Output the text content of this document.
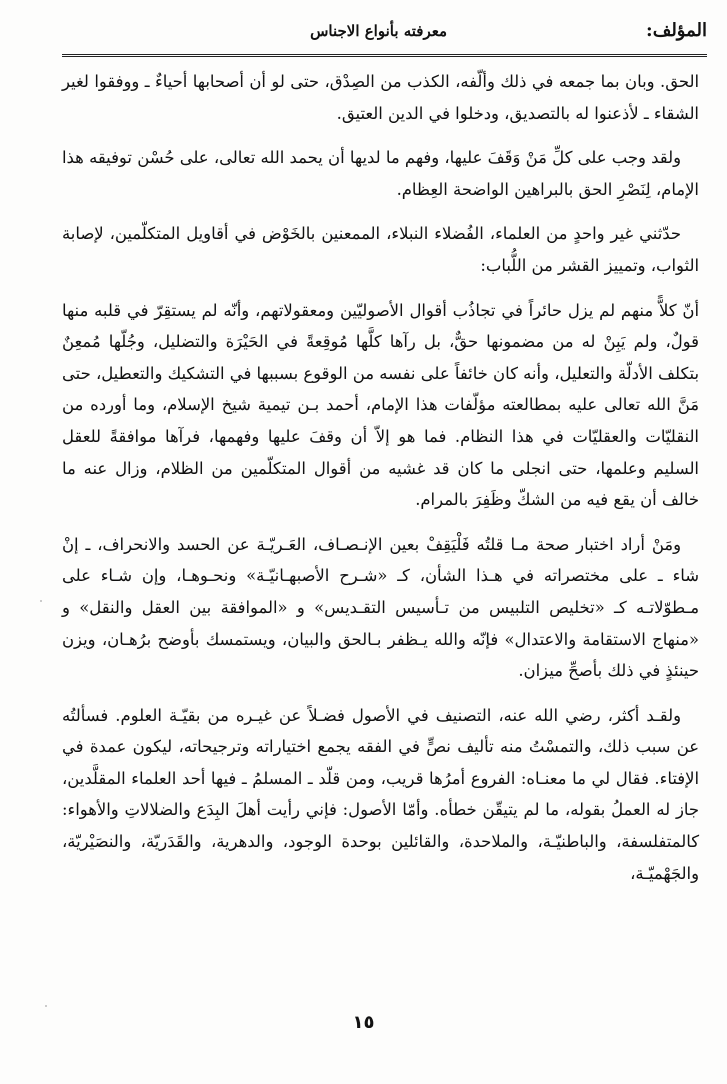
المؤلف:
معرفته بأنواع الاجناس

الحق. وبان بما جمعه في ذلك وألّفه، الكذب من الصِدْق، حتى لو أن أصحابها أحياءٌ ـ ووفقوا لغير الشقاء ـ لأذعنوا له بالتصديق، ودخلوا في الدين العتيق.

ولقد وجب على كلِّ مَنْ وَقَفَ عليها، وفهم ما لديها أن يحمد الله تعالى، على حُسْن توفيقه هذا الإمام، لِنَصْرِ الحق بالبراهين الواضحة العِظام.

حدّثني غير واحدٍ من العلماء، الفُضلاء النبلاء، الممعنين بالخَوْض في أقاويل المتكلّمين، لإصابة الثواب، وتمييز القشر من اللُّباب:

أنّ كلاًّ منهم لم يزل حائراً في تجاذُب أقوال الأصوليّين ومعقولاتهم، وأنّه لم يستقِرّ في قلبه منها قولٌ، ولم يَبِنْ له من مضمونها حقٌّ، بل رآها كلَّها مُوقِعةً في الحَيْرَة والتضليل، وجُلّها مُمعِنٌ بتكلف الأدلّة والتعليل، وأنه كان خائفاً على نفسه من الوقوع بسببها في التشكيك والتعطيل، حتى مَنَّ الله تعالى عليه بمطالعته مؤلّفات هذا الإمام، أحمد بـن تيمية شيخ الإسلام، وما أورده من النقليّات والعقليّات في هذا النظام. فما هو إلاّ أن وقفَ عليها وفهمها، فرآها موافقةً للعقل السليم وعلمها، حتى انجلى ما كان قد غشيه من أقوال المتكلّمين من الظلام، وزال عنه ما خالف أن يقع فيه من الشكّ وظَفِرَ بالمرام.

ومَنْ أراد اختبار صحة مـا قلتُه فَلْيَقِفْ بعين الإنـصـاف، العَـريّـة عن الحسد والانحراف، ـ إنْ شاء ـ على مختصراته في هـذا الشأن، كـ «شـرح الأصبهـانيّـة» ونحـوهـا، وإن شـاء على مـطوّلاتـه كـ «تخليص التلبيس من تـأسيس التقـديس» و «الموافقة بين العقل والنقل» و «منهاج الاستقامة والاعتدال» فإنّه والله يـظفر بـالحق والبيان، ويستمسك بأوضح برُهـان، ويزن حينئذٍ في ذلك بأصحِّ ميزان.

ولقـد أكثر، رضي الله عنه، التصنيف في الأصول فضـلاً عن غيـره من بقيّـة العلوم. فسألتُه عن سبب ذلك، والتمسْتُ منه تأليف نصٍّ في الفقه يجمع اختياراته وترجيحاته، ليكون عمدة في الإفتاء. فقال لي ما معنـاه: الفروع أمرُها قريب، ومن قلّد ـ المسلمُ ـ فيها أحد العلماء المقلَّدين، جاز له العملُ بقوله، ما لم يتيقّن خطأه. وأمّا الأصول: فإني رأيت أهلَ البِدَع والضلالاتِ والأهواء: كالمتفلسفة، والباطنيّـة، والملاحدة، والقائلين بوحدة الوجود، والدهرية، والقَدَريّة، والنصَيْريّة، والجَهْميّـة،

١٥
